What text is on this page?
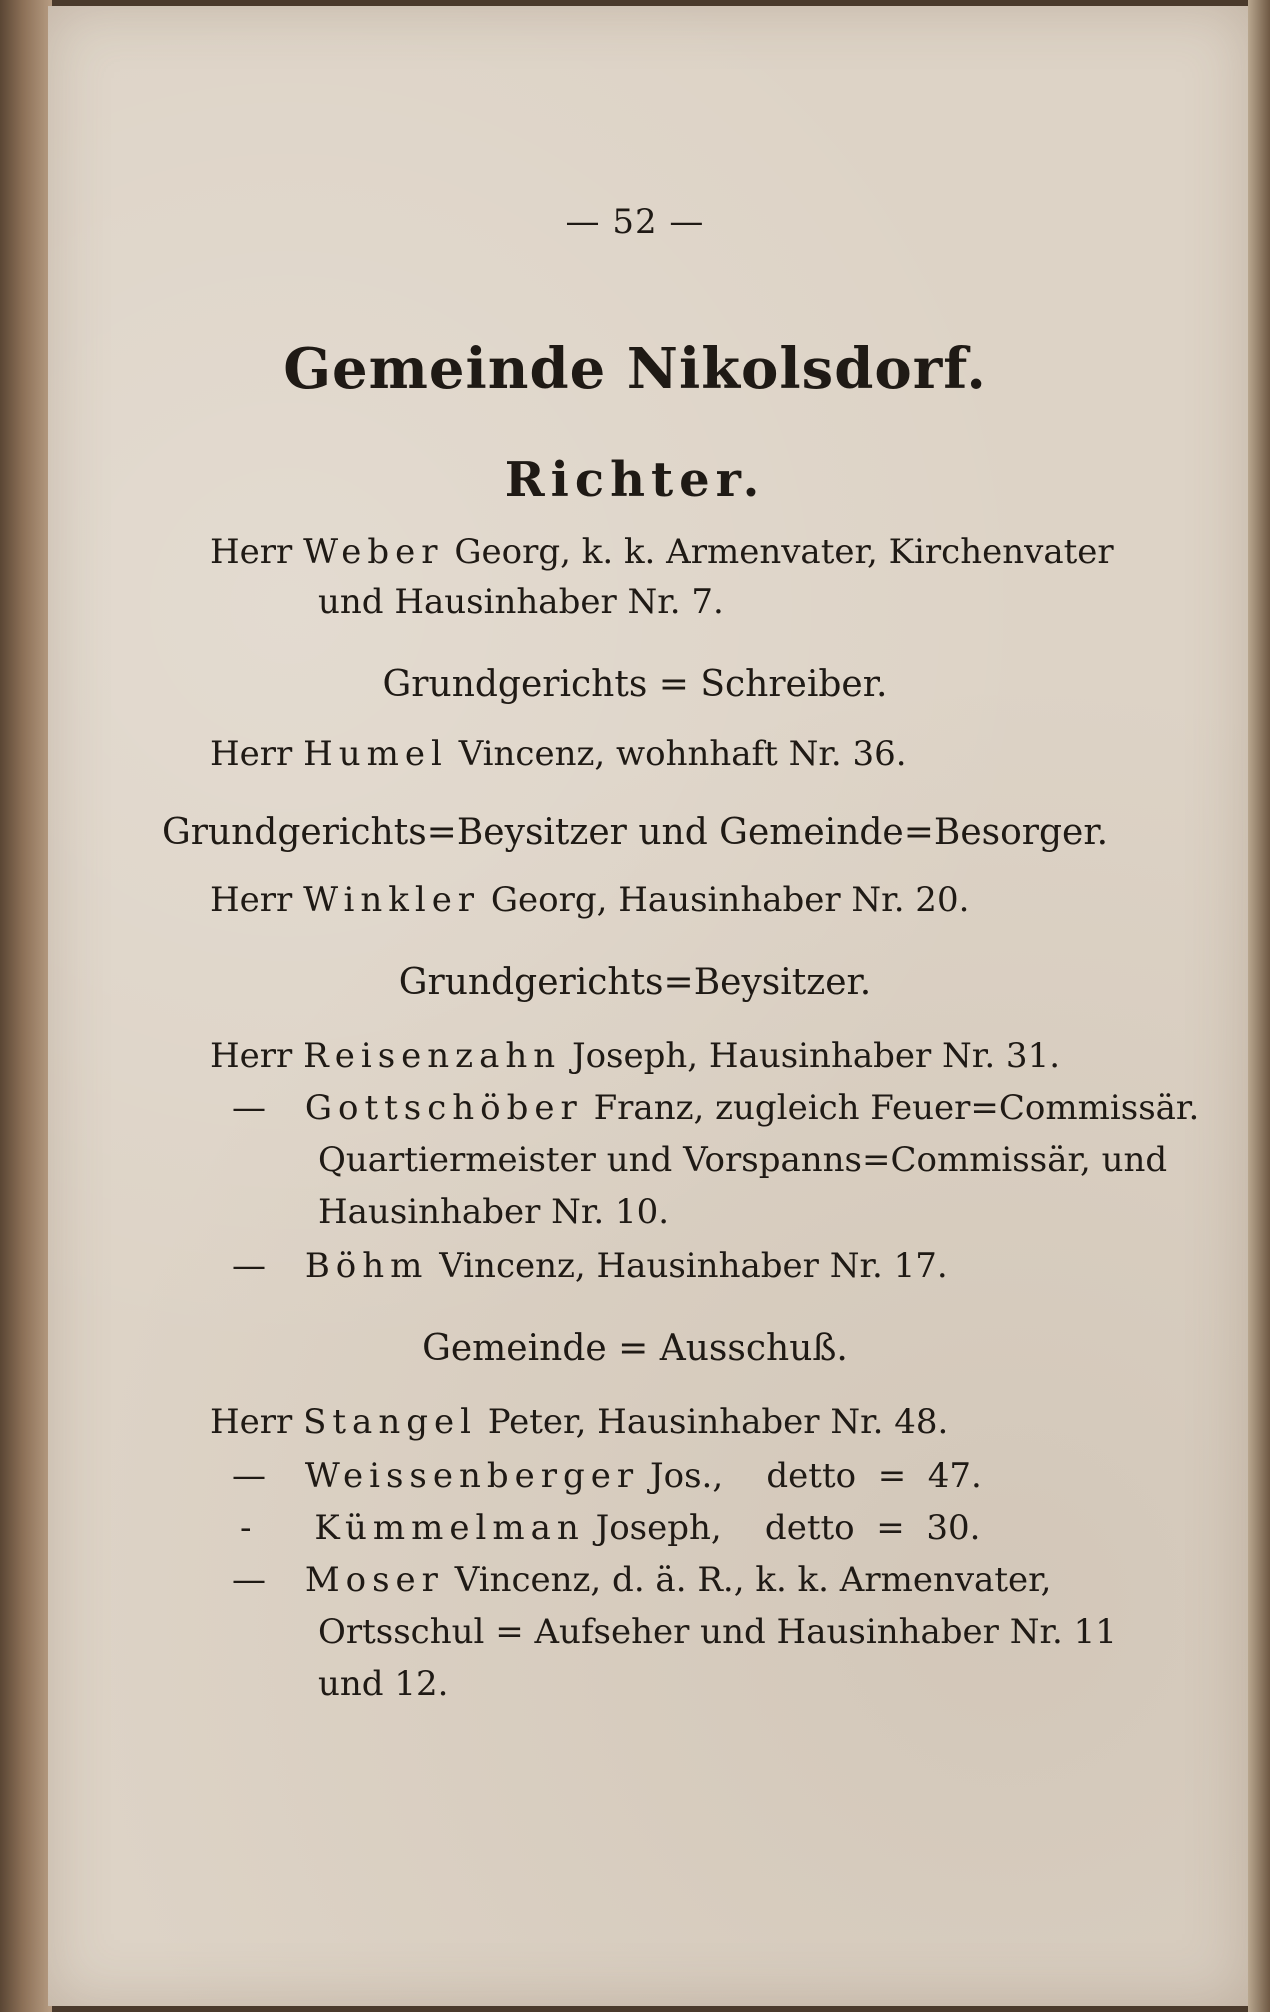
— 52 —
Gemeinde Nikolsdorf.
Richter.
Herr Weber Georg, k. k. Armenvater, Kirchenvater
und Hausinhaber Nr. 7.
Grundgerichts = Schreiber.
Herr Humel Vincenz, wohnhaft Nr. 36.
Grundgerichts=Beysitzer und Gemeinde=Besorger.
Herr Winkler Georg, Hausinhaber Nr. 20.
Grundgerichts=Beysitzer.
Herr Reisenzahn Joseph, Hausinhaber Nr. 31.
— Gottschöber Franz, zugleich Feuer=Commissär.
Quartiermeister und Vorspanns=Commissär, und
Hausinhaber Nr. 10.
— Böhm Vincenz, Hausinhaber Nr. 17.
Gemeinde = Ausschuß.
Herr Stangel Peter, Hausinhaber Nr. 48.
— Weissenberger Jos.,    detto  =  47.
- Kümmelman Joseph,    detto  =  30.
— Moser Vincenz, d. ä. R., k. k. Armenvater,
Ortsschul = Aufseher und Hausinhaber Nr. 11
und 12.
